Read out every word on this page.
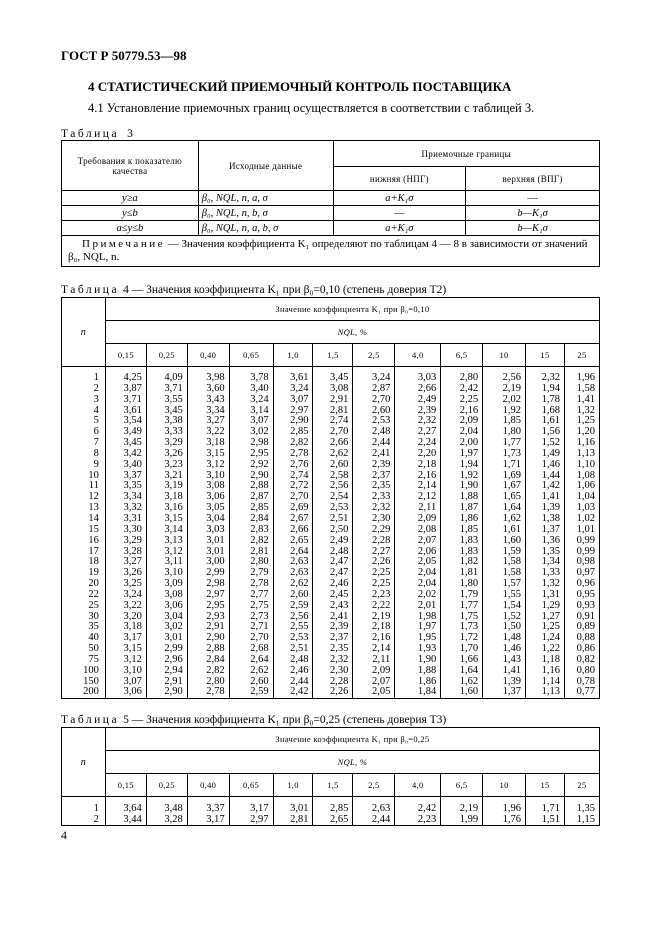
ГОСТ Р 50779.53—98
4 СТАТИСТИЧЕСКИЙ ПРИЕМОЧНЫЙ КОНТРОЛЬ ПОСТАВЩИКА
4.1 Установление приемочных границ осуществляется в соответствии с таблицей 3.
Таблица 3
Требования к показателю качества	Исходные данные	Приемочные границы	
		нижняя (НПГ)	верхняя (ВПГ)
y≥a	β₀, NQL, n, a, σ	a+K₁σ	—
y≤b	β₀, NQL, n, b, σ	—	b—K₁σ
a≤y≤b	β₀, NQL, n, a, b, σ	a+K₁σ	b—K₁σ
Примечание — Значения коэффициента K₁ определяют по таблицам 4 — 8 в зависимости от значений β₀, NQL, n.			
Таблица 4 — Значения коэффициента K₁ при β₀=0,10 (степень доверия Т2)
n	Значение коэффициента K₁ при β₀=0,10											
	NQL, %											
	0,15	0,25	0,40	0,65	1,0	1,5	2,5	4,0	6,5	10	15	25
1	4,25	4,09	3,98	3,78	3,61	3,45	3,24	3,03	2,80	2,56	2,32	1,96
2	3,87	3,71	3,60	3,40	3,24	3,08	2,87	2,66	2,42	2,19	1,94	1,58
3	3,71	3,55	3,43	3,24	3,07	2,91	2,70	2,49	2,25	2,02	1,78	1,41
4	3,61	3,45	3,34	3,14	2,97	2,81	2,60	2,39	2,16	1,92	1,68	1,32
5	3,54	3,38	3,27	3,07	2,90	2,74	2,53	2,32	2,09	1,85	1,61	1,25
6	3,49	3,33	3,22	3,02	2,85	2,70	2,48	2,27	2,04	1,80	1,56	1,20
7	3,45	3,29	3,18	2,98	2,82	2,66	2,44	2,24	2,00	1,77	1,52	1,16
8	3,42	3,26	3,15	2,95	2,78	2,62	2,41	2,20	1,97	1,73	1,49	1,13
9	3,40	3,23	3,12	2,92	2,76	2,60	2,39	2,18	1,94	1,71	1,46	1,10
10	3,37	3,21	3,10	2,90	2,74	2,58	2,37	2,16	1,92	1,69	1,44	1,08
11	3,35	3,19	3,08	2,88	2,72	2,56	2,35	2,14	1,90	1,67	1,42	1,06
12	3,34	3,18	3,06	2,87	2,70	2,54	2,33	2,12	1,88	1,65	1,41	1,04
13	3,32	3,16	3,05	2,85	2,69	2,53	2,32	2,11	1,87	1,64	1,39	1,03
14	3,31	3,15	3,04	2,84	2,67	2,51	2,30	2,09	1,86	1,62	1,38	1,02
15	3,30	3,14	3,03	2,83	2,66	2,50	2,29	2,08	1,85	1,61	1,37	1,01
16	3,29	3,13	3,01	2,82	2,65	2,49	2,28	2,07	1,83	1,60	1,36	0,99
17	3,28	3,12	3,01	2,81	2,64	2,48	2,27	2,06	1,83	1,59	1,35	0,99
18	3,27	3,11	3,00	2,80	2,63	2,47	2,26	2,05	1,82	1,58	1,34	0,98
19	3,26	3,10	2,99	2,79	2,63	2,47	2,25	2,04	1,81	1,58	1,33	0,97
20	3,25	3,09	2,98	2,78	2,62	2,46	2,25	2,04	1,80	1,57	1,32	0,96
22	3,24	3,08	2,97	2,77	2,60	2,45	2,23	2,02	1,79	1,55	1,31	0,95
25	3,22	3,06	2,95	2,75	2,59	2,43	2,22	2,01	1,77	1,54	1,29	0,93
30	3,20	3,04	2,93	2,73	2,56	2,41	2,19	1,98	1,75	1,52	1,27	0,91
35	3,18	3,02	2,91	2,71	2,55	2,39	2,18	1,97	1,73	1,50	1,25	0,89
40	3,17	3,01	2,90	2,70	2,53	2,37	2,16	1,95	1,72	1,48	1,24	0,88
50	3,15	2,99	2,88	2,68	2,51	2,35	2,14	1,93	1,70	1,46	1,22	0,86
75	3,12	2,96	2,84	2,64	2,48	2,32	2,11	1,90	1,66	1,43	1,18	0,82
100	3,10	2,94	2,82	2,62	2,46	2,30	2,09	1,88	1,64	1,41	1,16	0,80
150	3,07	2,91	2,80	2,60	2,44	2,28	2,07	1,86	1,62	1,39	1,14	0,78
200	3,06	2,90	2,78	2,59	2,42	2,26	2,05	1,84	1,60	1,37	1,13	0,77
Таблица 5 — Значения коэффициента K₁ при β₀=0,25 (степень доверия Т3)
n	Значение коэффициента K₁ при β₀=0,25											
	NQL, %											
	0,15	0,25	0,40	0,65	1,0	1,5	2,5	4,0	6,5	10	15	25
1	3,64	3,48	3,37	3,17	3,01	2,85	2,63	2,42	2,19	1,96	1,71	1,35
2	3,44	3,28	3,17	2,97	2,81	2,65	2,44	2,23	1,99	1,76	1,51	1,15
4
